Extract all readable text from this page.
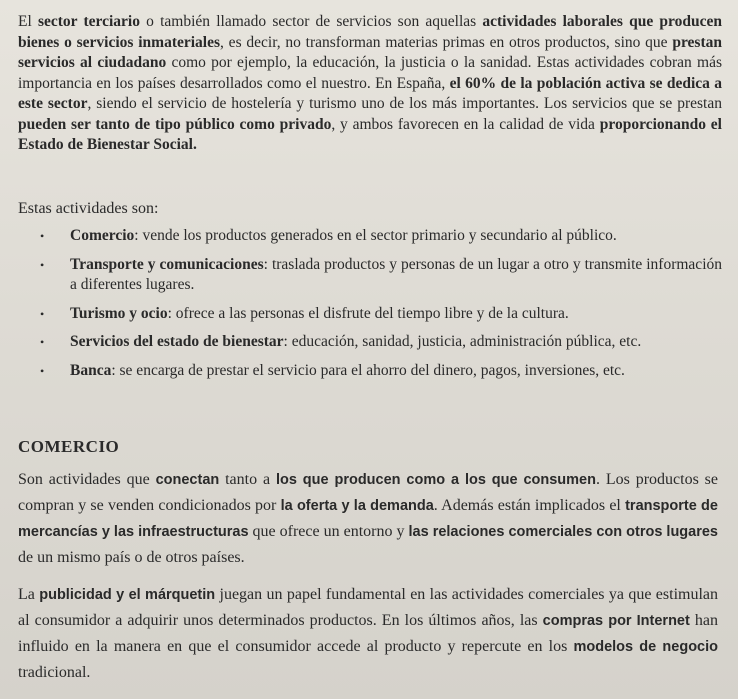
El sector terciario o también llamado sector de servicios son aquellas actividades laborales que producen bienes o servicios inmateriales, es decir, no transforman materias primas en otros productos, sino que prestan servicios al ciudadano como por ejemplo, la educación, la justicia o la sanidad. Estas actividades cobran más importancia en los países desarrollados como el nuestro. En España, el 60% de la población activa se dedica a este sector, siendo el servicio de hostelería y turismo uno de los más importantes. Los servicios que se prestan pueden ser tanto de tipo público como privado, y ambos favorecen en la calidad de vida proporcionando el Estado de Bienestar Social.

Estas actividades son:

• Comercio: vende los productos generados en el sector primario y secundario al público.
• Transporte y comunicaciones: traslada productos y personas de un lugar a otro y transmite información a diferentes lugares.
• Turismo y ocio: ofrece a las personas el disfrute del tiempo libre y de la cultura.
• Servicios del estado de bienestar: educación, sanidad, justicia, administración pública, etc.
• Banca: se encarga de prestar el servicio para el ahorro del dinero, pagos, inversiones, etc.
COMERCIO

Son actividades que conectan tanto a los que producen como a los que consumen. Los productos se compran y se venden condicionados por la oferta y la demanda. Además están implicados el transporte de mercancías y las infraestructuras que ofrece un entorno y las relaciones comerciales con otros lugares de un mismo país o de otros países.

La publicidad y el márquetin juegan un papel fundamental en las actividades comerciales ya que estimulan al consumidor a adquirir unos determinados productos. En los últimos años, las compras por Internet han influido en la manera en que el consumidor accede al producto y repercute en los modelos de negocio tradicional.
